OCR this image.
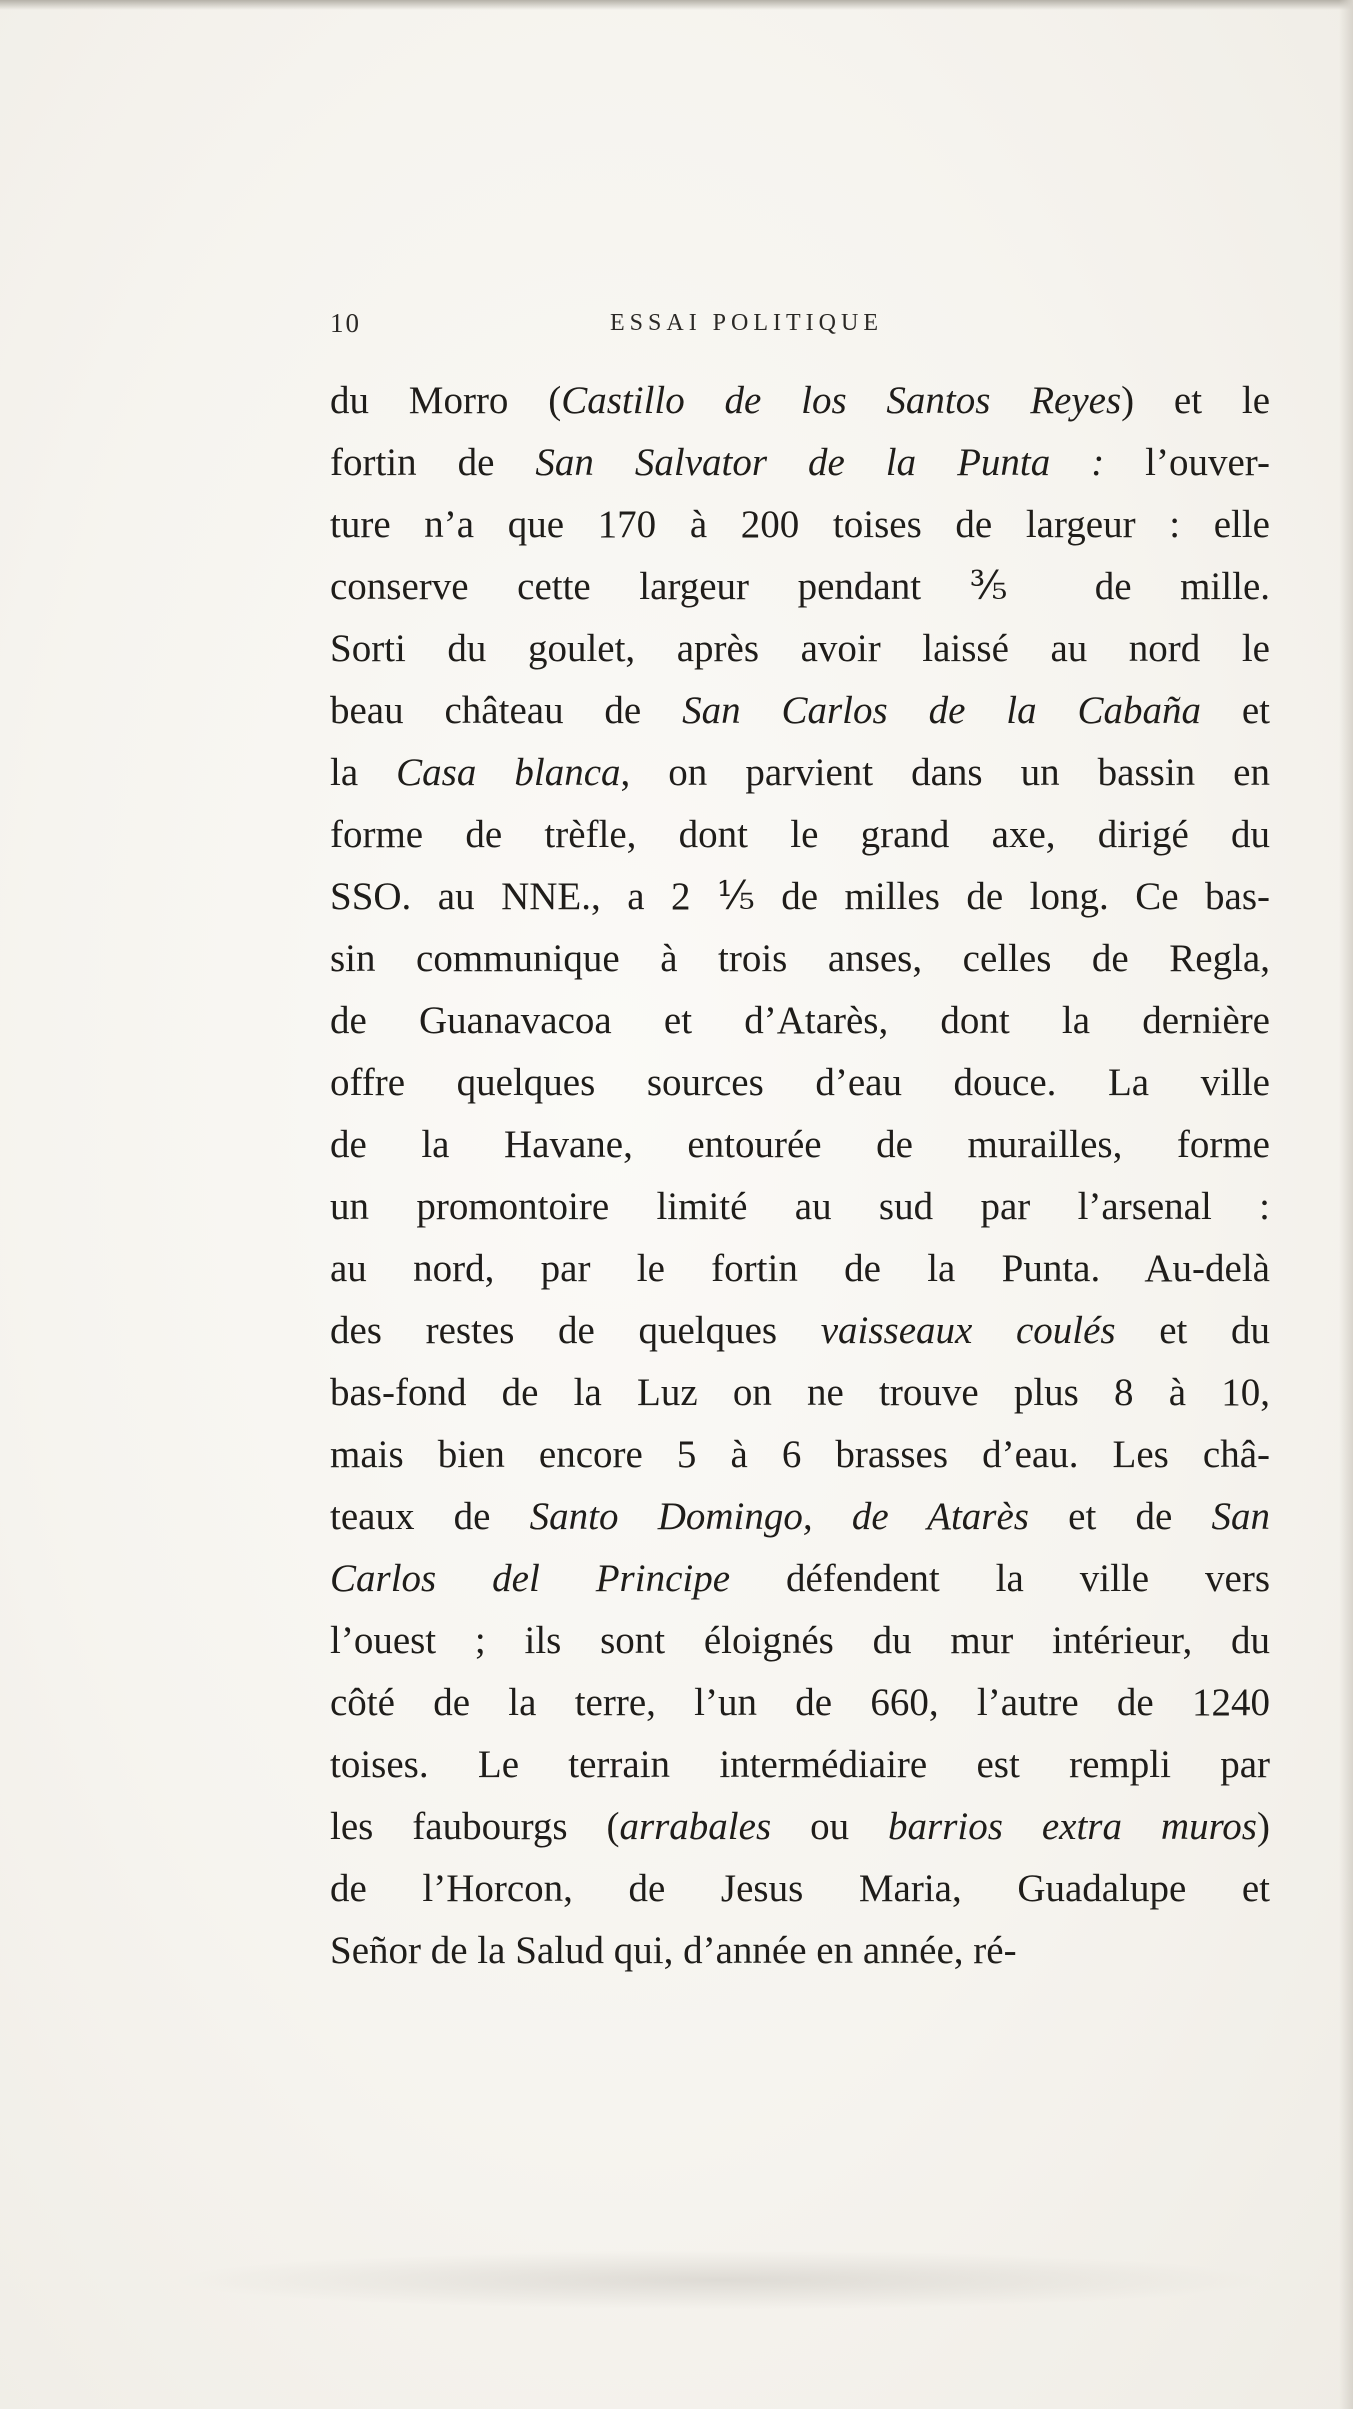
10	ESSAI POLITIQUE
du Morro (Castillo de los Santos Reyes) et le
fortin de San Salvator de la Punta : l’ouver-
ture n’a que 170 à 200 toises de largeur : elle
conserve cette largeur pendant ⅗ de mille.
Sorti du goulet, après avoir laissé au nord le
beau château de San Carlos de la Cabaña et
la Casa blanca, on parvient dans un bassin en
forme de trèfle, dont le grand axe, dirigé du
SSO. au NNE., a 2 ⅕ de milles de long. Ce bas-
sin communique à trois anses, celles de Regla,
de Guanavacoa et d’Atarès, dont la dernière
offre quelques sources d’eau douce. La ville
de la Havane, entourée de murailles, forme
un promontoire limité au sud par l’arsenal :
au nord, par le fortin de la Punta. Au-delà
des restes de quelques vaisseaux coulés et du
bas-fond de la Luz on ne trouve plus 8 à 10,
mais bien encore 5 à 6 brasses d’eau. Les châ-
teaux de Santo Domingo, de Atarès et de San
Carlos del Principe défendent la ville vers
l’ouest ; ils sont éloignés du mur intérieur, du
côté de la terre, l’un de 660, l’autre de 1240
toises. Le terrain intermédiaire est rempli par
les faubourgs (arrabales ou barrios extra muros)
de l’Horcon, de Jesus Maria, Guadalupe et
Señor de la Salud qui, d’année en année, ré-
